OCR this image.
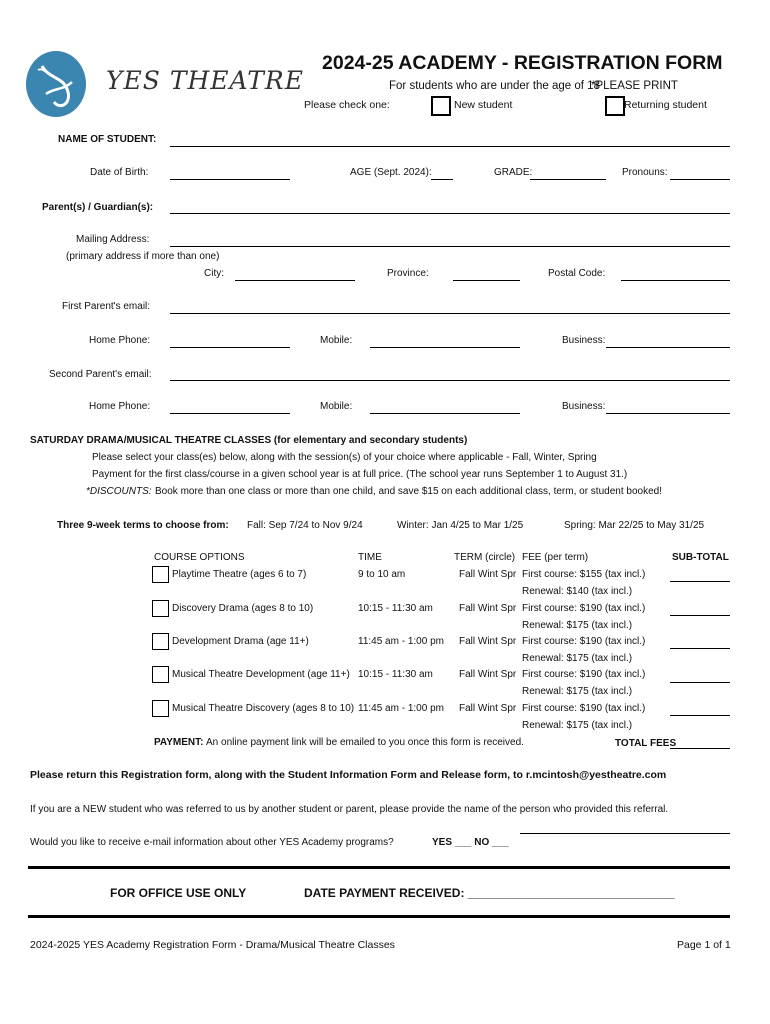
YES THEATRE
2024-25 ACADEMY - REGISTRATION FORM
For students who are under the age of 18
*PLEASE PRINT
Please check one:	New student	Returning student
NAME OF STUDENT:
Date of Birth:	AGE (Sept. 2024):	GRADE:	Pronouns:
Parent(s) / Guardian(s):
Mailing Address:
(primary address if more than one)
City:	Province:	Postal Code:
First Parent's email:
Home Phone:	Mobile:	Business:
Second Parent's email:
Home Phone:	Mobile:	Business:
SATURDAY DRAMA/MUSICAL THEATRE CLASSES (for elementary and secondary students)
Please select your class(es) below, along with the session(s) of your choice where applicable - Fall, Winter, Spring
Payment for the first class/course in a given school year is at full price. (The school year runs September 1 to August 31.)
*DISCOUNTS: Book more than one class or more than one child, and save $15 on each additional class, term, or student booked!
Three 9-week terms to choose from: Fall: Sep 7/24 to Nov 9/24	Winter: Jan 4/25 to Mar 1/25	Spring: Mar 22/25 to May 31/25
COURSE OPTIONS	TIME	TERM (circle) FEE (per term)	SUB-TOTAL
Playtime Theatre (ages 6 to 7)	9 to 10 am	Fall Wint Spr First course: $155 (tax incl.)
Renewal: $140 (tax incl.)
Discovery Drama (ages 8 to 10)	10:15 - 11:30 am	Fall Wint Spr First course: $190 (tax incl.)
Renewal: $175 (tax incl.)
Development Drama (age 11+)	11:45 am - 1:00 pm Fall Wint Spr First course: $190 (tax incl.)
Renewal: $175 (tax incl.)
Musical Theatre Development (age 11+) 10:15 - 11:30 am	Fall Wint Spr First course: $190 (tax incl.)
Renewal: $175 (tax incl.)
Musical Theatre Discovery (ages 8 to 10) 11:45 am - 1:00 pm Fall Wint Spr First course: $190 (tax incl.)
Renewal: $175 (tax incl.)
PAYMENT: An online payment link will be emailed to you once this form is received.	TOTAL FEES
Please return this Registration form, along with the Student Information Form and Release form, to r.mcintosh@yestheatre.com
If you are a NEW student who was referred to us by another student or parent, please provide the name of the person who provided this referral.
Would you like to receive e-mail information about other YES Academy programs?	YES ___ NO ___
FOR OFFICE USE ONLY	DATE PAYMENT RECEIVED: _______________________________
2024-2025 YES Academy Registration Form - Drama/Musical Theatre Classes	Page 1 of 1
